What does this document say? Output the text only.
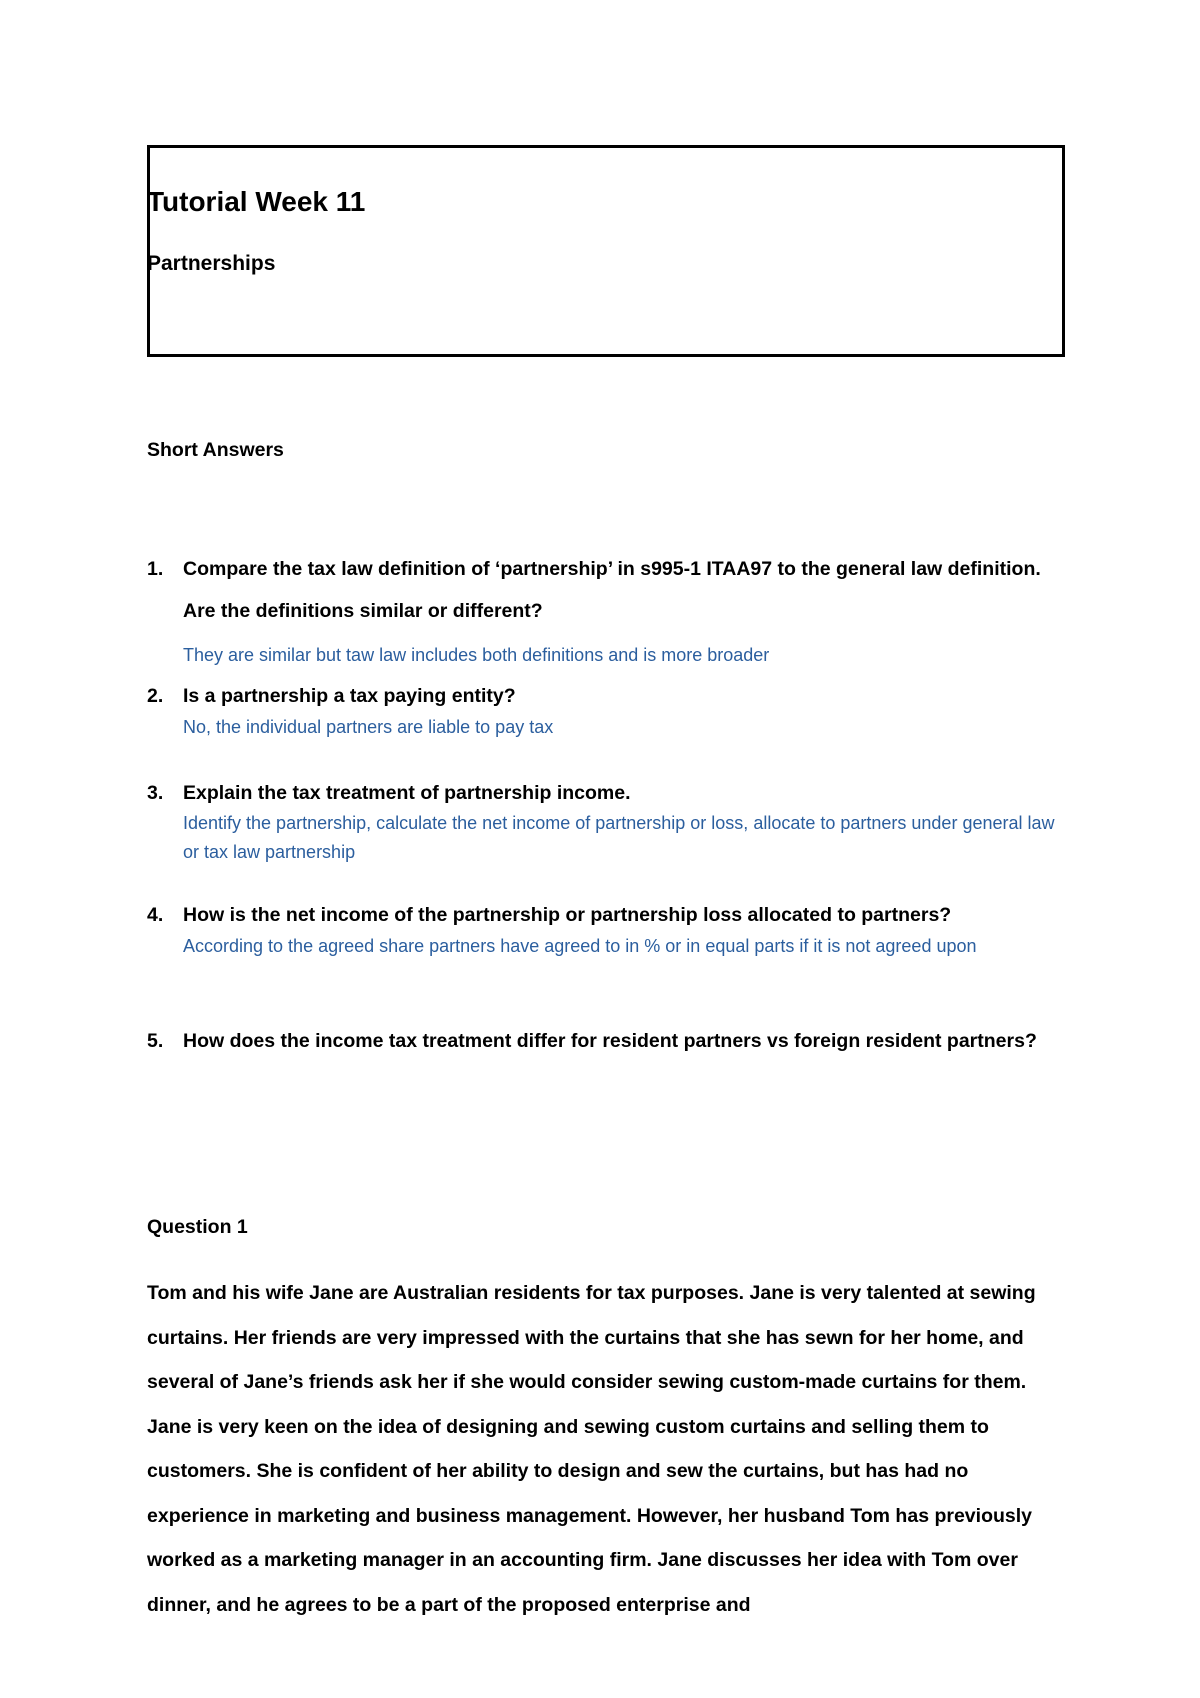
Tutorial Week 11
Partnerships
Short Answers
1. Compare the tax law definition of ‘partnership’ in s995-1 ITAA97 to the general law definition. Are the definitions similar or different?

They are similar but taw law includes both definitions and is more broader

2. Is a partnership a tax paying entity?

No, the individual partners are liable to pay tax

3. Explain the tax treatment of partnership income.

Identify the partnership, calculate the net income of partnership or loss, allocate to partners under general law or tax law partnership

4. How is the net income of the partnership or partnership loss allocated to partners?

According to the agreed share partners have agreed to in % or in equal parts if it is not agreed upon

5. How does the income tax treatment differ for resident partners vs foreign resident partners?

Question 1

Tom and his wife Jane are Australian residents for tax purposes. Jane is very talented at sewing curtains. Her friends are very impressed with the curtains that she has sewn for her home, and several of Jane’s friends ask her if she would consider sewing custom-made curtains for them. Jane is very keen on the idea of designing and sewing custom curtains and selling them to customers. She is confident of her ability to design and sew the curtains, but has had no experience in marketing and business management. However, her husband Tom has previously worked as a marketing manager in an accounting firm. Jane discusses her idea with Tom over dinner, and he agrees to be a part of the proposed enterprise and
